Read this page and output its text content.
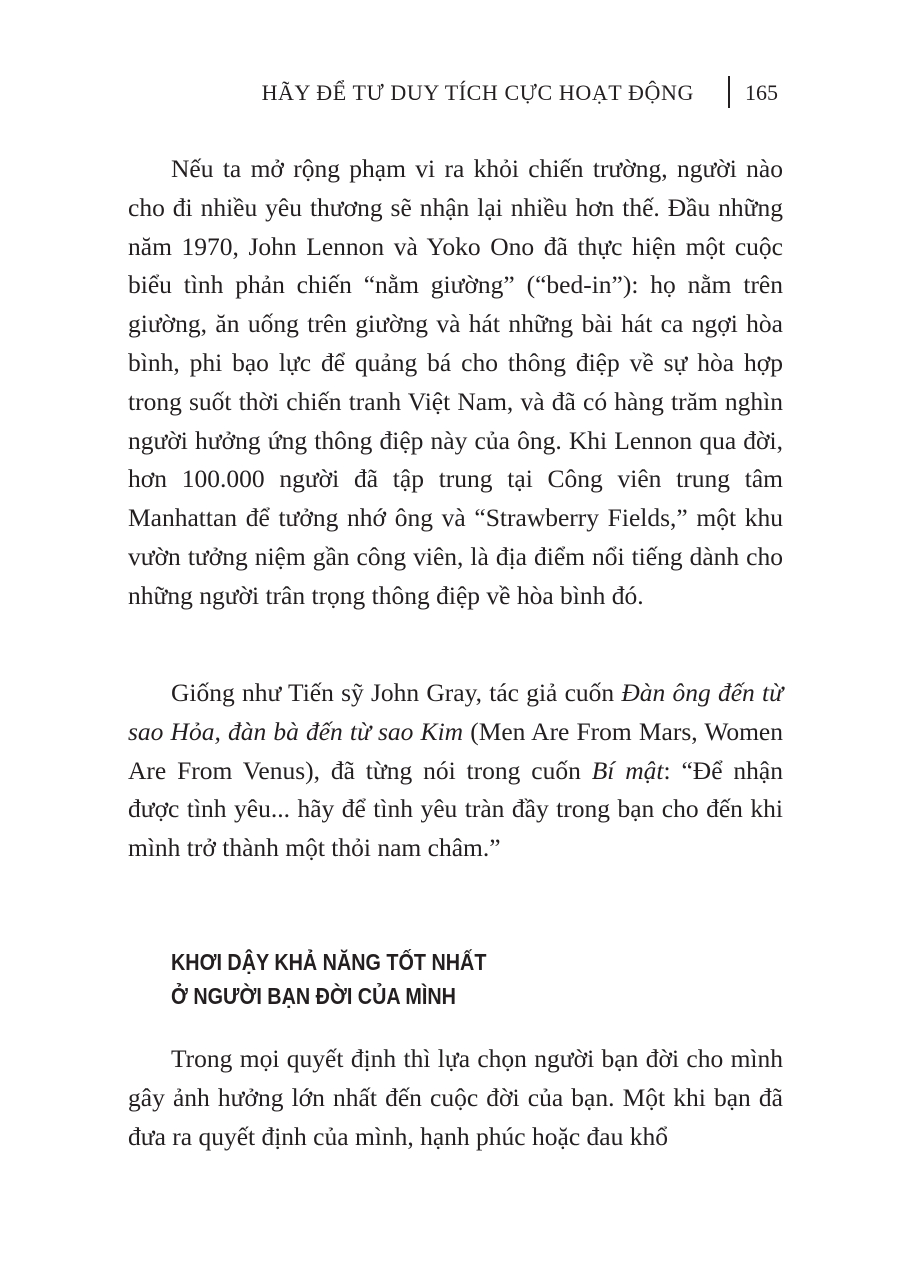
HÃY ĐỂ TƯ DUY TÍCH CỰC HOẠT ĐỘNG 165

Nếu ta mở rộng phạm vi ra khỏi chiến trường, người nào cho đi nhiều yêu thương sẽ nhận lại nhiều hơn thế. Đầu những năm 1970, John Lennon và Yoko Ono đã thực hiện một cuộc biểu tình phản chiến “nằm giường” (“bed-in”): họ nằm trên giường, ăn uống trên giường và hát những bài hát ca ngợi hòa bình, phi bạo lực để quảng bá cho thông điệp về sự hòa hợp trong suốt thời chiến tranh Việt Nam, và đã có hàng trăm nghìn người hưởng ứng thông điệp này của ông. Khi Lennon qua đời, hơn 100.000 người đã tập trung tại Công viên trung tâm Manhattan để tưởng nhớ ông và “Strawberry Fields,” một khu vườn tưởng niệm gần công viên, là địa điểm nổi tiếng dành cho những người trân trọng thông điệp về hòa bình đó.

Giống như Tiến sỹ John Gray, tác giả cuốn Đàn ông đến từ sao Hỏa, đàn bà đến từ sao Kim (Men Are From Mars, Women Are From Venus), đã từng nói trong cuốn Bí mật: “Để nhận được tình yêu... hãy để tình yêu tràn đầy trong bạn cho đến khi mình trở thành một thỏi nam châm.”

KHƠI DẬY KHẢ NĂNG TỐT NHẤT
Ở NGƯỜI BẠN ĐỜI CỦA MÌNH

Trong mọi quyết định thì lựa chọn người bạn đời cho mình gây ảnh hưởng lớn nhất đến cuộc đời của bạn. Một khi bạn đã đưa ra quyết định của mình, hạnh phúc hoặc đau khổ
